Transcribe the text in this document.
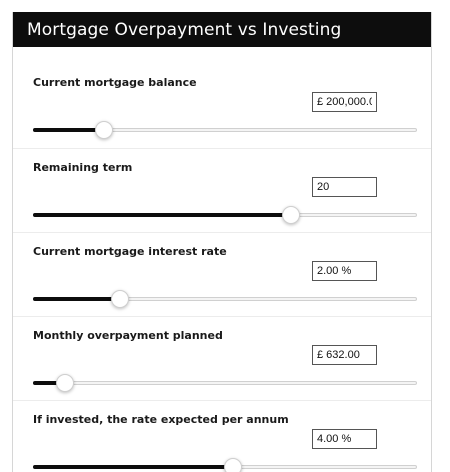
Mortgage Overpayment vs Investing
Current mortgage balance
£ 200,000.00
Remaining term
20
Current mortgage interest rate
2.00 %
Monthly overpayment planned
£ 632.00
If invested, the rate expected per annum
4.00 %
